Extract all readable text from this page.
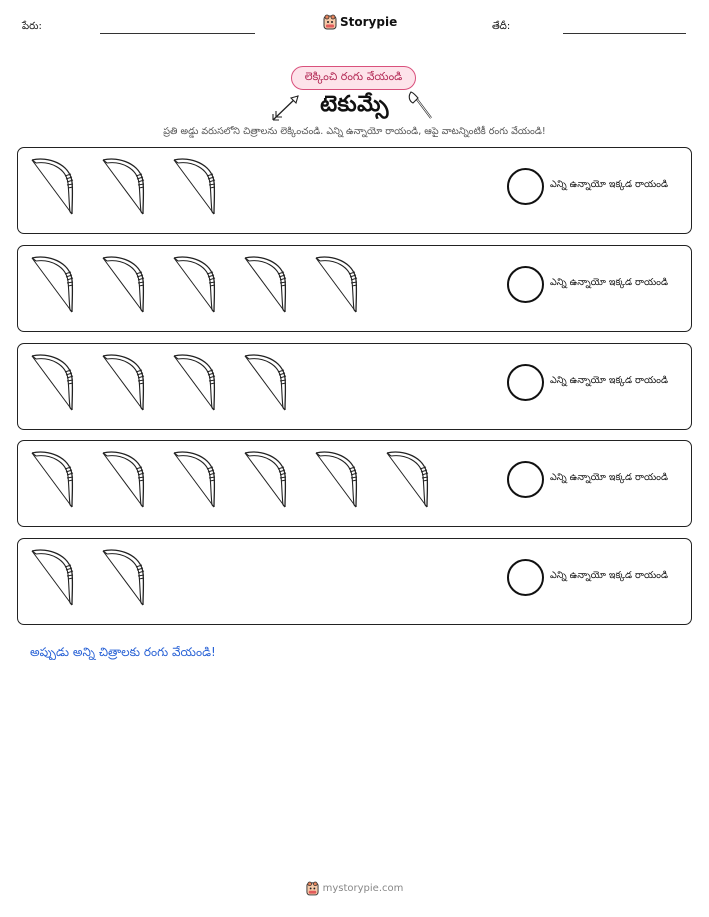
పేరు:	Storypie	తేదీ:
లెక్కించి రంగు వేయండి
టెకుమ్సే
ప్రతి అడ్డు వరుసలోని చిత్రాలను లెక్కించండి. ఎన్ని ఉన్నాయో రాయండి, ఆపై వాటన్నింటికీ రంగు వేయండి!
ఎన్ని ఉన్నాయో ఇక్కడ రాయండి
ఎన్ని ఉన్నాయో ఇక్కడ రాయండి
ఎన్ని ఉన్నాయో ఇక్కడ రాయండి
ఎన్ని ఉన్నాయో ఇక్కడ రాయండి
ఎన్ని ఉన్నాయో ఇక్కడ రాయండి
అప్పుడు అన్ని చిత్రాలకు రంగు వేయండి!
mystorypie.com
